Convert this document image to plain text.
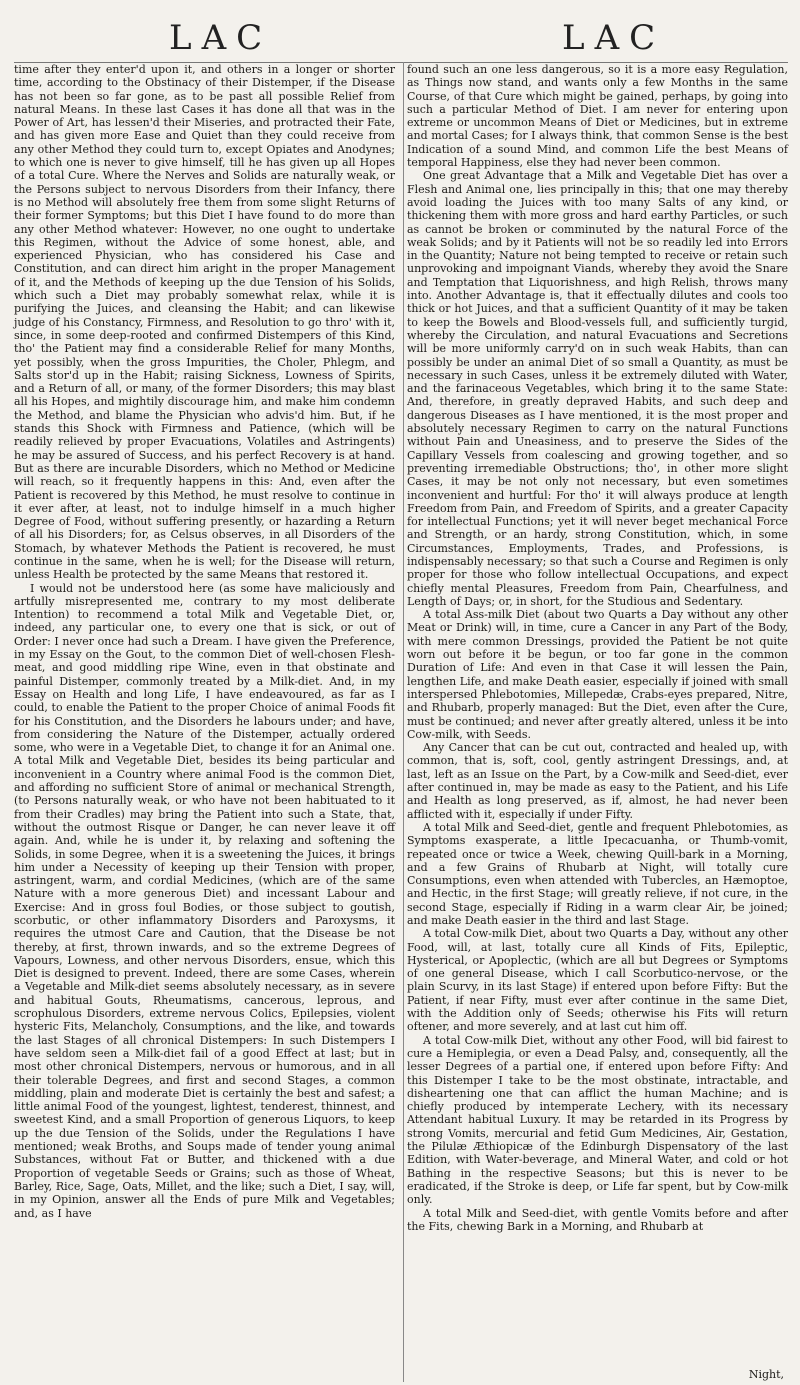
LAC	LAC

time after they enter'd upon it, and others in a longer or shorter time, according to the Obstinacy of their Distemper, if the Disease has not been so far gone, as to be past all possible Relief from natural Means. In these last Cases it has done all that was in the Power of Art, has lessen'd their Miseries, and protracted their Fate, and has given more Ease and Quiet than they could receive from any other Method they could turn to, except Opiates and Anodynes; to which one is never to give himself, till he has given up all Hopes of a total Cure. Where the Nerves and Solids are naturally weak, or the Persons subject to nervous Disorders from their Infancy, there is no Method will absolutely free them from some slight Returns of their former Symptoms; but this Diet I have found to do more than any other Method whatever: However, no one ought to undertake this Regimen, without the Advice of some honest, able, and experienced Physician, who has considered his Case and Constitution, and can direct him aright in the proper Management of it, and the Methods of keeping up the due Tension of his Solids, which such a Diet may probably somewhat relax, while it is purifying the Juices, and cleansing the Habit; and can likewise judge of his Constancy, Firmness, and Resolution to go thro' with it, since, in some deep-rooted and confirmed Distempers of this Kind, tho' the Patient may find a considerable Relief for many Months, yet possibly, when the gross Impurities, the Choler, Phlegm, and Salts stor'd up in the Habit; raising Sickness, Lowness of Spirits, and a Return of all, or many, of the former Disorders; this may blast all his Hopes, and mightily discourage him, and make him condemn the Method, and blame the Physician who advis'd him. But, if he stands this Shock with Firmness and Patience, (which will be readily relieved by proper Evacuations, Volatiles and Astringents) he may be assured of Success, and his perfect Recovery is at hand. But as there are incurable Disorders, which no Method or Medicine will reach, so it frequently happens in this: And, even after the Patient is recovered by this Method, he must resolve to continue in it ever after, at least, not to indulge himself in a much higher Degree of Food, without suffering presently, or hazarding a Return of all his Disorders; for, as Celsus observes, in all Disorders of the Stomach, by whatever Methods the Patient is recovered, he must continue in the same, when he is well; for the Disease will return, unless Health be protected by the same Means that restored it.

I would not be understood here (as some have maliciously and artfully misrepresented me, contrary to my most deliberate Intention) to recommend a total Milk and Vegetable Diet, or, indeed, any particular one, to every one that is sick, or out of Order: I never once had such a Dream. I have given the Preference, in my Essay on the Gout, to the common Diet of well-chosen Flesh-meat, and good middling ripe Wine, even in that obstinate and painful Distemper, commonly treated by a Milk-diet. And, in my Essay on Health and long Life, I have endeavoured, as far as I could, to enable the Patient to the proper Choice of animal Foods fit for his Constitution, and the Disorders he labours under; and have, from considering the Nature of the Distemper, actually ordered some, who were in a Vegetable Diet, to change it for an Animal one. A total Milk and Vegetable Diet, besides its being particular and inconvenient in a Country where animal Food is the common Diet, and affording no sufficient Store of animal or mechanical Strength, (to Persons naturally weak, or who have not been habituated to it from their Cradles) may bring the Patient into such a State, that, without the outmost Risque or Danger, he can never leave it off again. And, while he is under it, by relaxing and softening the Solids, in some Degree, when it is a sweetening the Juices, it brings him under a Necessity of keeping up their Tension with proper, astringent, warm, and cordial Medicines, (which are of the same Nature with a more generous Diet) and incessant Labour and Exercise: And in gross foul Bodies, or those subject to goutish, scorbutic, or other inflammatory Disorders and Paroxysms, it requires the utmost Care and Caution, that the Disease be not thereby, at first, thrown inwards, and so the extreme Degrees of Vapours, Lowness, and other nervous Disorders, ensue, which this Diet is designed to prevent. Indeed, there are some Cases, wherein a Vegetable and Milk-diet seems absolutely necessary, as in severe and habitual Gouts, Rheumatisms, cancerous, leprous, and scrophulous Disorders, extreme nervous Colics, Epilepsies, violent hysteric Fits, Melancholy, Consumptions, and the like, and towards the last Stages of all chronical Distempers: In such Distempers I have seldom seen a Milk-diet fail of a good Effect at last; but in most other chronical Distempers, nervous or humorous, and in all their tolerable Degrees, and first and second Stages, a common middling, plain and moderate Diet is certainly the best and safest; a little animal Food of the youngest, lightest, tenderest, thinnest, and sweetest Kind, and a small Proportion of generous Liquors, to keep up the due Tension of the Solids, under the Regulations I have mentioned; weak Broths, and Soups made of tender young animal Substances, without Fat or Butter, and thickened with a due Proportion of vegetable Seeds or Grains; such as those of Wheat, Barley, Rice, Sage, Oats, Millet, and the like; such a Diet, I say, will, in my Opinion, answer all the Ends of pure Milk and Vegetables; and, as I have

found such an one less dangerous, so it is a more easy Regulation, as Things now stand, and wants only a few Months in the same Course, of that Cure which might be gained, perhaps, by going into such a particular Method of Diet. I am never for entering upon extreme or uncommon Means of Diet or Medicines, but in extreme and mortal Cases; for I always think, that common Sense is the best Indication of a sound Mind, and common Life the best Means of temporal Happiness, else they had never been common.

One great Advantage that a Milk and Vegetable Diet has over a Flesh and Animal one, lies principally in this; that one may thereby avoid loading the Juices with too many Salts of any kind, or thickening them with more gross and hard earthy Particles, or such as cannot be broken or comminuted by the natural Force of the weak Solids; and by it Patients will not be so readily led into Errors in the Quantity; Nature not being tempted to receive or retain such unprovoking and impoignant Viands, whereby they avoid the Snare and Temptation that Liquorishness, and high Relish, throws many into. Another Advantage is, that it effectually dilutes and cools too thick or hot Juices, and that a sufficient Quantity of it may be taken to keep the Bowels and Blood-vessels full, and sufficiently turgid, whereby the Circulation, and natural Evacuations and Secretions will be more uniformly carry'd on in such weak Habits, than can possibly be under an animal Diet of so small a Quantity, as must be necessary in such Cases, unless it be extremely diluted with Water, and the farinaceous Vegetables, which bring it to the same State: And, therefore, in greatly depraved Habits, and such deep and dangerous Diseases as I have mentioned, it is the most proper and absolutely necessary Regimen to carry on the natural Functions without Pain and Uneasiness, and to preserve the Sides of the Capillary Vessels from coalescing and growing together, and so preventing irremediable Obstructions; tho', in other more slight Cases, it may be not only not necessary, but even sometimes inconvenient and hurtful: For tho' it will always produce at length Freedom from Pain, and Freedom of Spirits, and a greater Capacity for intellectual Functions; yet it will never beget mechanical Force and Strength, or an hardy, strong Constitution, which, in some Circumstances, Employments, Trades, and Professions, is indispensably necessary; so that such a Course and Regimen is only proper for those who follow intellectual Occupations, and expect chiefly mental Pleasures, Freedom from Pain, Chearfulness, and Length of Days; or, in short, for the Studious and Sedentary.

A total Ass-milk Diet (about two Quarts a Day without any other Meat or Drink) will, in time, cure a Cancer in any Part of the Body, with mere common Dressings, provided the Patient be not quite worn out before it be begun, or too far gone in the common Duration of Life: And even in that Case it will lessen the Pain, lengthen Life, and make Death easier, especially if joined with small interspersed Phlebotomies, Millepedæ, Crabs-eyes prepared, Nitre, and Rhubarb, properly managed: But the Diet, even after the Cure, must be continued; and never after greatly altered, unless it be into Cow-milk, with Seeds.

Any Cancer that can be cut out, contracted and healed up, with common, that is, soft, cool, gently astringent Dressings, and, at last, left as an Issue on the Part, by a Cow-milk and Seed-diet, ever after continued in, may be made as easy to the Patient, and his Life and Health as long preserved, as if, almost, he had never been afflicted with it, especially if under Fifty.

A total Milk and Seed-diet, gentle and frequent Phlebotomies, as Symptoms exasperate, a little Ipecacuanha, or Thumb-vomit, repeated once or twice a Week, chewing Quill-bark in a Morning, and a few Grains of Rhubarb at Night, will totally cure Consumptions, even when attended with Tubercles, an Hæmoptoe, and Hectic, in the first Stage; will greatly relieve, if not cure, in the second Stage, especially if Riding in a warm clear Air, be joined; and make Death easier in the third and last Stage.

A total Cow-milk Diet, about two Quarts a Day, without any other Food, will, at last, totally cure all Kinds of Fits, Epileptic, Hysterical, or Apoplectic, (which are all but Degrees or Symptoms of one general Disease, which I call Scorbutico-nervose, or the plain Scurvy, in its last Stage) if entered upon before Fifty: But the Patient, if near Fifty, must ever after continue in the same Diet, with the Addition only of Seeds; otherwise his Fits will return oftener, and more severely, and at last cut him off.

A total Cow-milk Diet, without any other Food, will bid fairest to cure a Hemiplegia, or even a Dead Palsy, and, consequently, all the lesser Degrees of a partial one, if entered upon before Fifty: And this Distemper I take to be the most obstinate, intractable, and disheartening one that can afflict the human Machine; and is chiefly produced by intemperate Lechery, with its necessary Attendant habitual Luxury. It may be retarded in its Progress by strong Vomits, mercurial and fetid Gum Medicines, Air, Gestation, the Pilulæ Æthiopicæ of the Edinburgh Dispensatory of the last Edition, with Water-beverage, and Mineral Water, and cold or hot Bathing in the respective Seasons; but this is never to be eradicated, if the Stroke is deep, or Life far spent, but by Cow-milk only.

A total Milk and Seed-diet, with gentle Vomits before and after the Fits, chewing Bark in a Morning, and Rhubarb at

Night,
